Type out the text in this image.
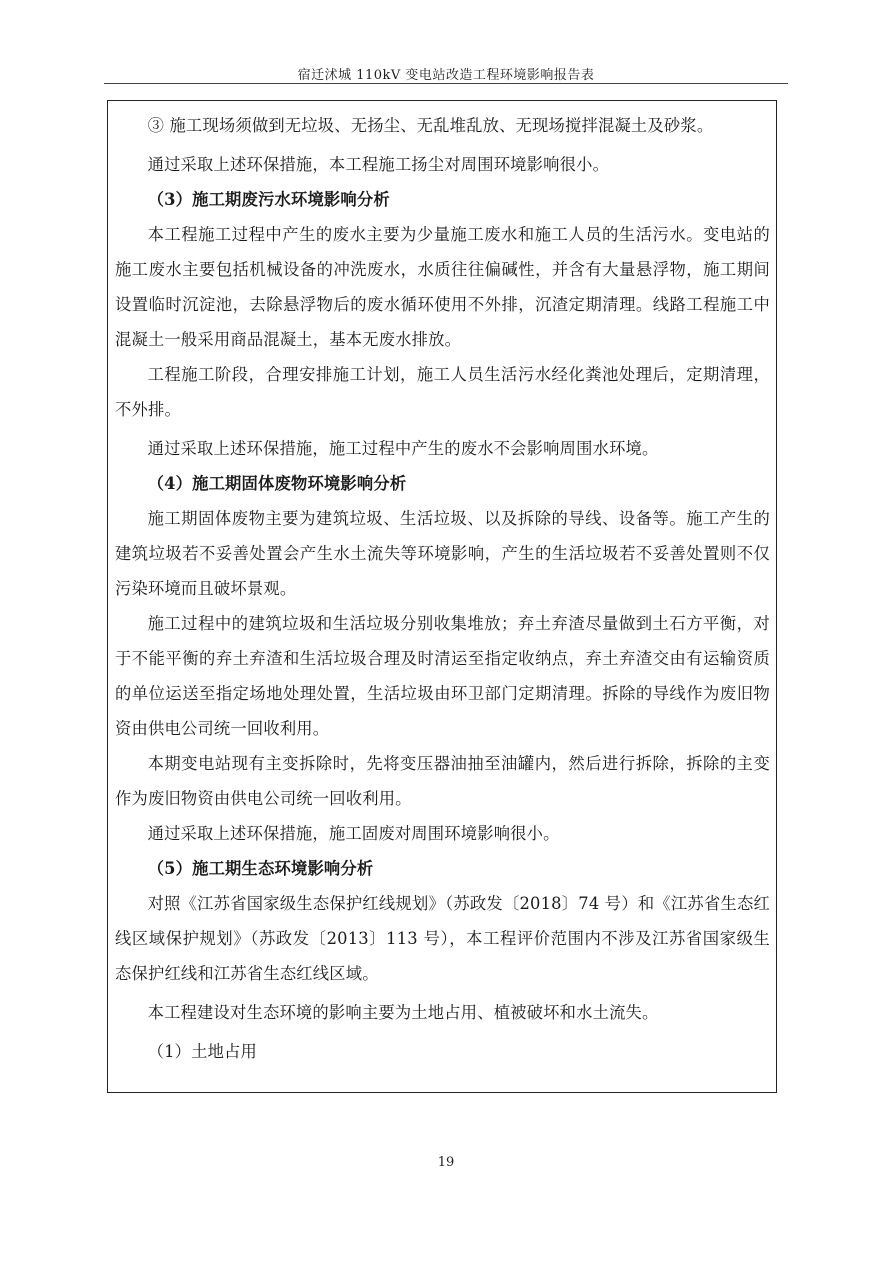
宿迁沭城 110kV 变电站改造工程环境影响报告表

③ 施工现场须做到无垃圾、无扬尘、无乱堆乱放、无现场搅拌混凝土及砂浆。

通过采取上述环保措施，本工程施工扬尘对周围环境影响很小。

（3）施工期废污水环境影响分析

本工程施工过程中产生的废水主要为少量施工废水和施工人员的生活污水。变电站的施工废水主要包括机械设备的冲洗废水，水质往往偏碱性，并含有大量悬浮物，施工期间设置临时沉淀池，去除悬浮物后的废水循环使用不外排，沉渣定期清理。线路工程施工中混凝土一般采用商品混凝土，基本无废水排放。

工程施工阶段，合理安排施工计划，施工人员生活污水经化粪池处理后，定期清理，不外排。

通过采取上述环保措施，施工过程中产生的废水不会影响周围水环境。

（4）施工期固体废物环境影响分析

施工期固体废物主要为建筑垃圾、生活垃圾、以及拆除的导线、设备等。施工产生的建筑垃圾若不妥善处置会产生水土流失等环境影响，产生的生活垃圾若不妥善处置则不仅污染环境而且破坏景观。

施工过程中的建筑垃圾和生活垃圾分别收集堆放；弃土弃渣尽量做到土石方平衡，对于不能平衡的弃土弃渣和生活垃圾合理及时清运至指定收纳点，弃土弃渣交由有运输资质的单位运送至指定场地处理处置，生活垃圾由环卫部门定期清理。拆除的导线作为废旧物资由供电公司统一回收利用。

本期变电站现有主变拆除时，先将变压器油抽至油罐内，然后进行拆除，拆除的主变作为废旧物资由供电公司统一回收利用。

通过采取上述环保措施，施工固废对周围环境影响很小。

（5）施工期生态环境影响分析

对照《江苏省国家级生态保护红线规划》（苏政发〔2018〕74 号）和《江苏省生态红线区域保护规划》（苏政发〔2013〕113 号），本工程评价范围内不涉及江苏省国家级生态保护红线和江苏省生态红线区域。

本工程建设对生态环境的影响主要为土地占用、植被破坏和水土流失。

（1）土地占用

19
